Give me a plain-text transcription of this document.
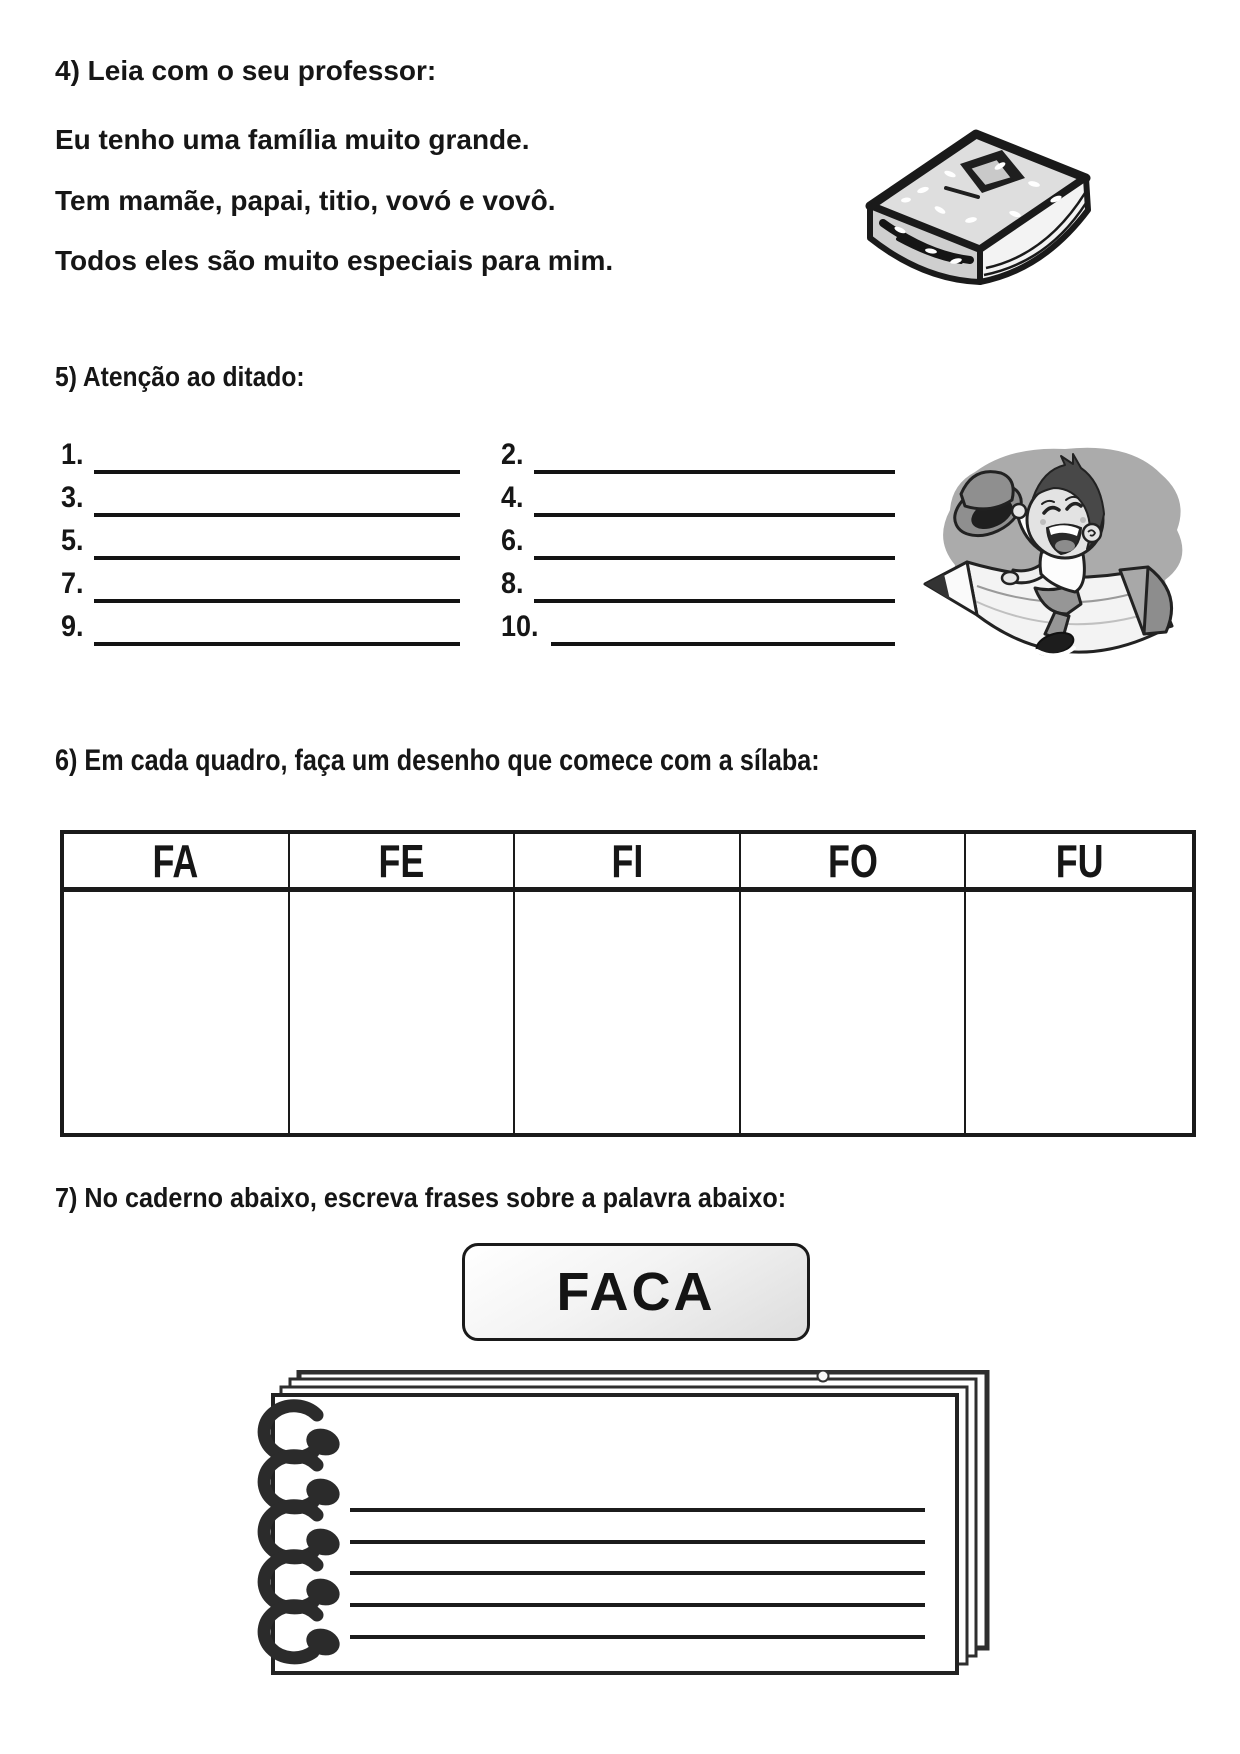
4) Leia com o seu professor:
Eu tenho uma família muito grande.
Tem mamãe, papai, titio, vovó e vovô.
Todos eles são muito especiais para mim.
5) Atenção ao ditado:
1.	2.
3.	4.
5.	6.
7.	8.
9.	10.
6) Em cada quadro, faça um desenho que comece com a sílaba:
FA	FE	FI	FO	FU
7) No caderno abaixo, escreva frases sobre a palavra abaixo:
FACA
